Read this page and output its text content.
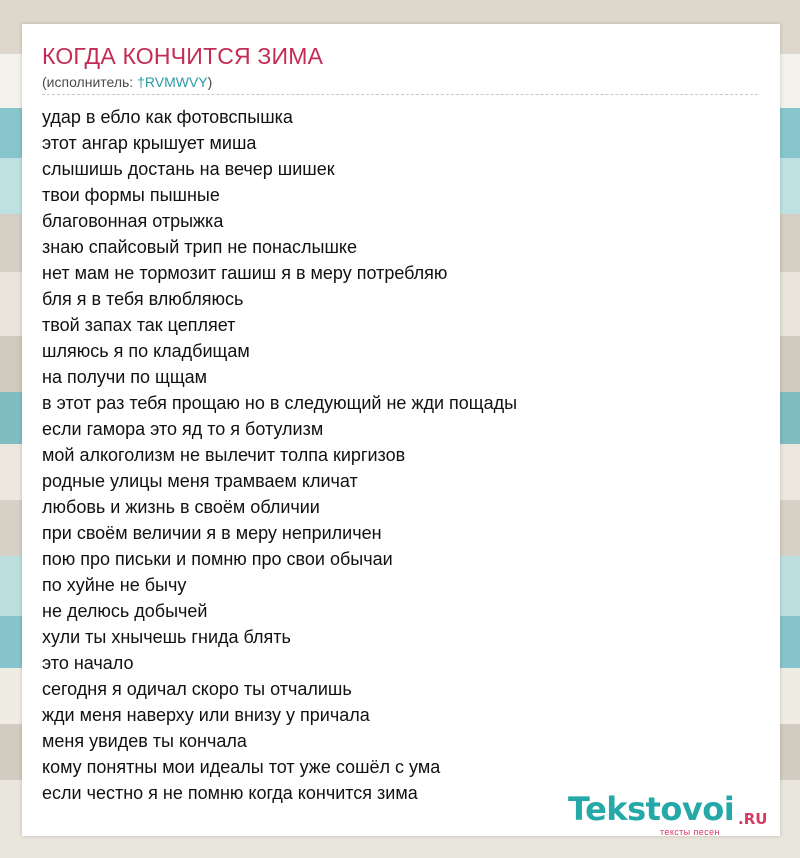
КОГДА КОНЧИТСЯ ЗИМА
(исполнитель: †RVMWVY)
удар в ебло как фотовспышка
этот ангар крышует миша
слышишь достань на вечер шишек
твои формы пышные
благовонная отрыжка
знаю спайсовый трип не понаслышке
нет мам не тормозит гашиш я в меру потребляю
бля я в тебя влюбляюсь
твой запах так цепляет
шляюсь я по кладбищам
на получи по щщам
в этот раз тебя прощаю но в следующий не жди пощады
если гамора это яд то я ботулизм
мой алкоголизм не вылечит толпа киргизов
родные улицы меня трамваем кличат
любовь и жизнь в своём обличии
при своём величии я в меру неприличен
пою про письки и помню про свои обычаи
по хуйне не бычу
не делюсь добычей
хули ты хнычешь гнида блять
это начало
сегодня я одичал скоро ты отчалишь
жди меня наверху или внизу у причала
меня увидев ты кончала
кому понятны мои идеалы тот уже сошёл с ума
если честно я не помню когда кончится зима	Tekstovoi .RU
тексты песен
